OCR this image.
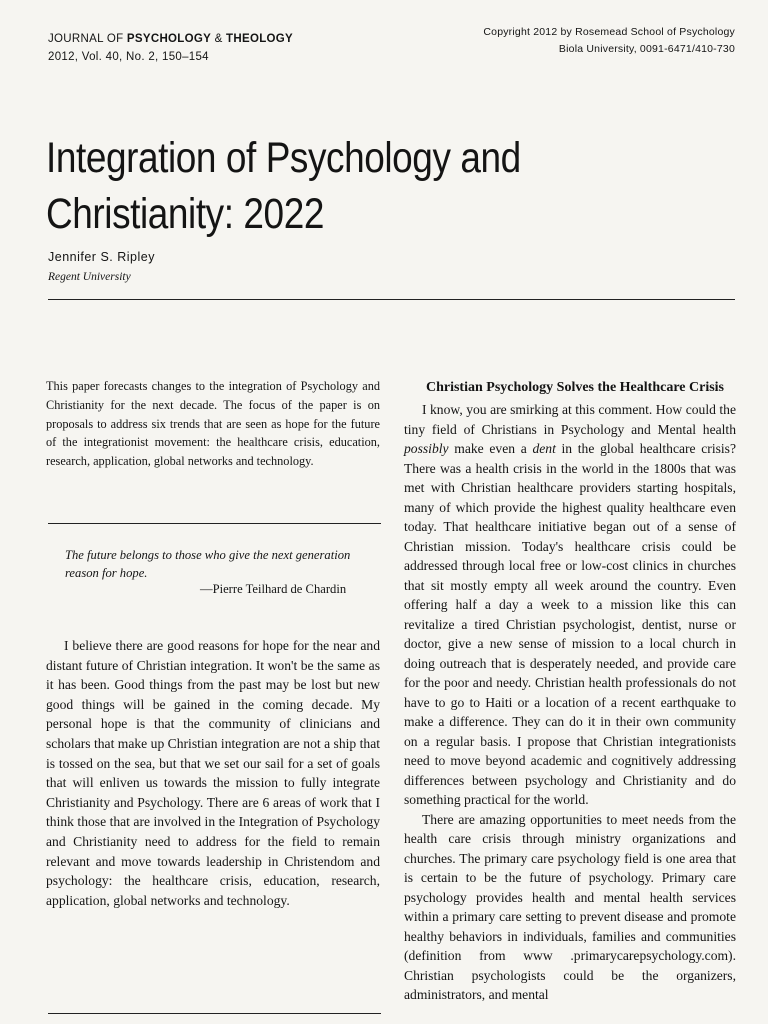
JOURNAL OF PSYCHOLOGY & THEOLOGY
2012, Vol. 40, No. 2, 150–154
Copyright 2012 by Rosemead School of Psychology
Biola University, 0091-6471/410-730
Integration of Psychology and
Christianity: 2022
Jennifer S. Ripley
Regent University
This paper forecasts changes to the integration of Psychology and Christianity for the next decade. The focus of the paper is on proposals to address six trends that are seen as hope for the future of the integrationist movement: the healthcare crisis, education, research, application, global networks and technology.
The future belongs to those who give the next generation reason for hope.
—Pierre Teilhard de Chardin
I believe there are good reasons for hope for the near and distant future of Christian integration. It won't be the same as it has been. Good things from the past may be lost but new good things will be gained in the coming decade. My personal hope is that the community of clinicians and scholars that make up Christian integration are not a ship that is tossed on the sea, but that we set our sail for a set of goals that will enliven us towards the mission to fully integrate Christianity and Psychology. There are 6 areas of work that I think those that are involved in the Integration of Psychology and Christianity need to address for the field to remain relevant and move towards leadership in Christendom and psychology: the healthcare crisis, education, research, application, global networks and technology.
Christian Psychology Solves the Healthcare Crisis

I know, you are smirking at this comment. How could the tiny field of Christians in Psychology and Mental health possibly make even a dent in the global healthcare crisis? There was a health crisis in the world in the 1800s that was met with Christian healthcare providers starting hospitals, many of which provide the highest quality healthcare even today. That healthcare initiative began out of a sense of Christian mission. Today's healthcare crisis could be addressed through local free or low-cost clinics in churches that sit mostly empty all week around the country. Even offering half a day a week to a mission like this can revitalize a tired Christian psychologist, dentist, nurse or doctor, give a new sense of mission to a local church in doing outreach that is desperately needed, and provide care for the poor and needy. Christian health professionals do not have to go to Haiti or a location of a recent earthquake to make a difference. They can do it in their own community on a regular basis. I propose that Christian integrationists need to move beyond academic and cognitively addressing differences between psychology and Christianity and do something practical for the world.

There are amazing opportunities to meet needs from the health care crisis through ministry organizations and churches. The primary care psychology field is one area that is certain to be the future of psychology. Primary care psychology provides health and mental health services within a primary care setting to prevent disease and promote healthy behaviors in individuals, families and communities (definition from www .primarycarepsychology.com). Christian psychologists could be the organizers, administrators, and mental
